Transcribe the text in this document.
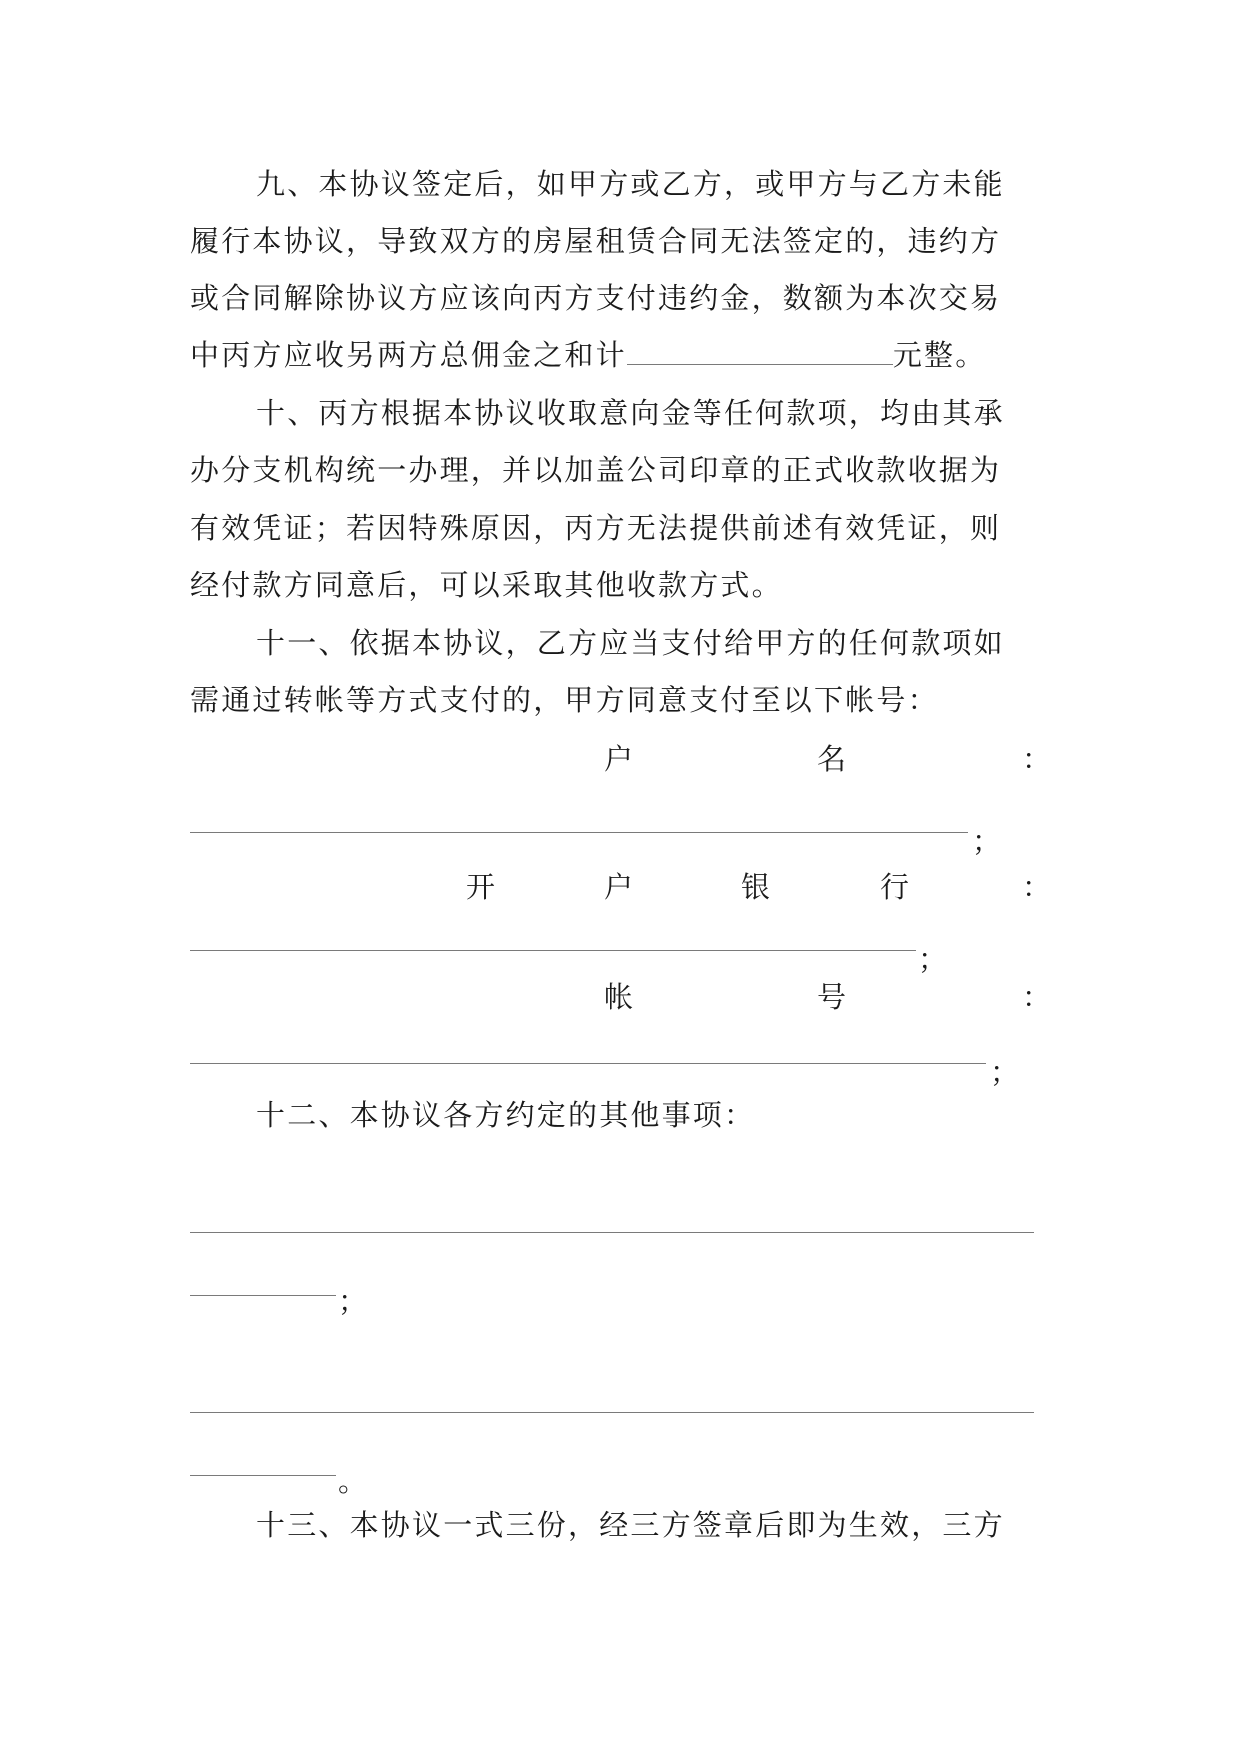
九、本协议签定后，如甲方或乙方，或甲方与乙方未能
履行本协议，导致双方的房屋租赁合同无法签定的，违约方
或合同解除协议方应该向丙方支付违约金，数额为本次交易
中丙方应收另两方总佣金之和计	元整。
十、丙方根据本协议收取意向金等任何款项，均由其承
办分支机构统一办理，并以加盖公司印章的正式收款收据为
有效凭证；若因特殊原因，丙方无法提供前述有效凭证，则
经付款方同意后，可以采取其他收款方式。
十一、依据本协议，乙方应当支付给甲方的任何款项如
需通过转帐等方式支付的，甲方同意支付至以下帐号：
户	名	：
；
开	户	银	行	：
；
帐	号	：
；
十二、本协议各方约定的其他事项：
；
。
十三、本协议一式三份，经三方签章后即为生效，三方
